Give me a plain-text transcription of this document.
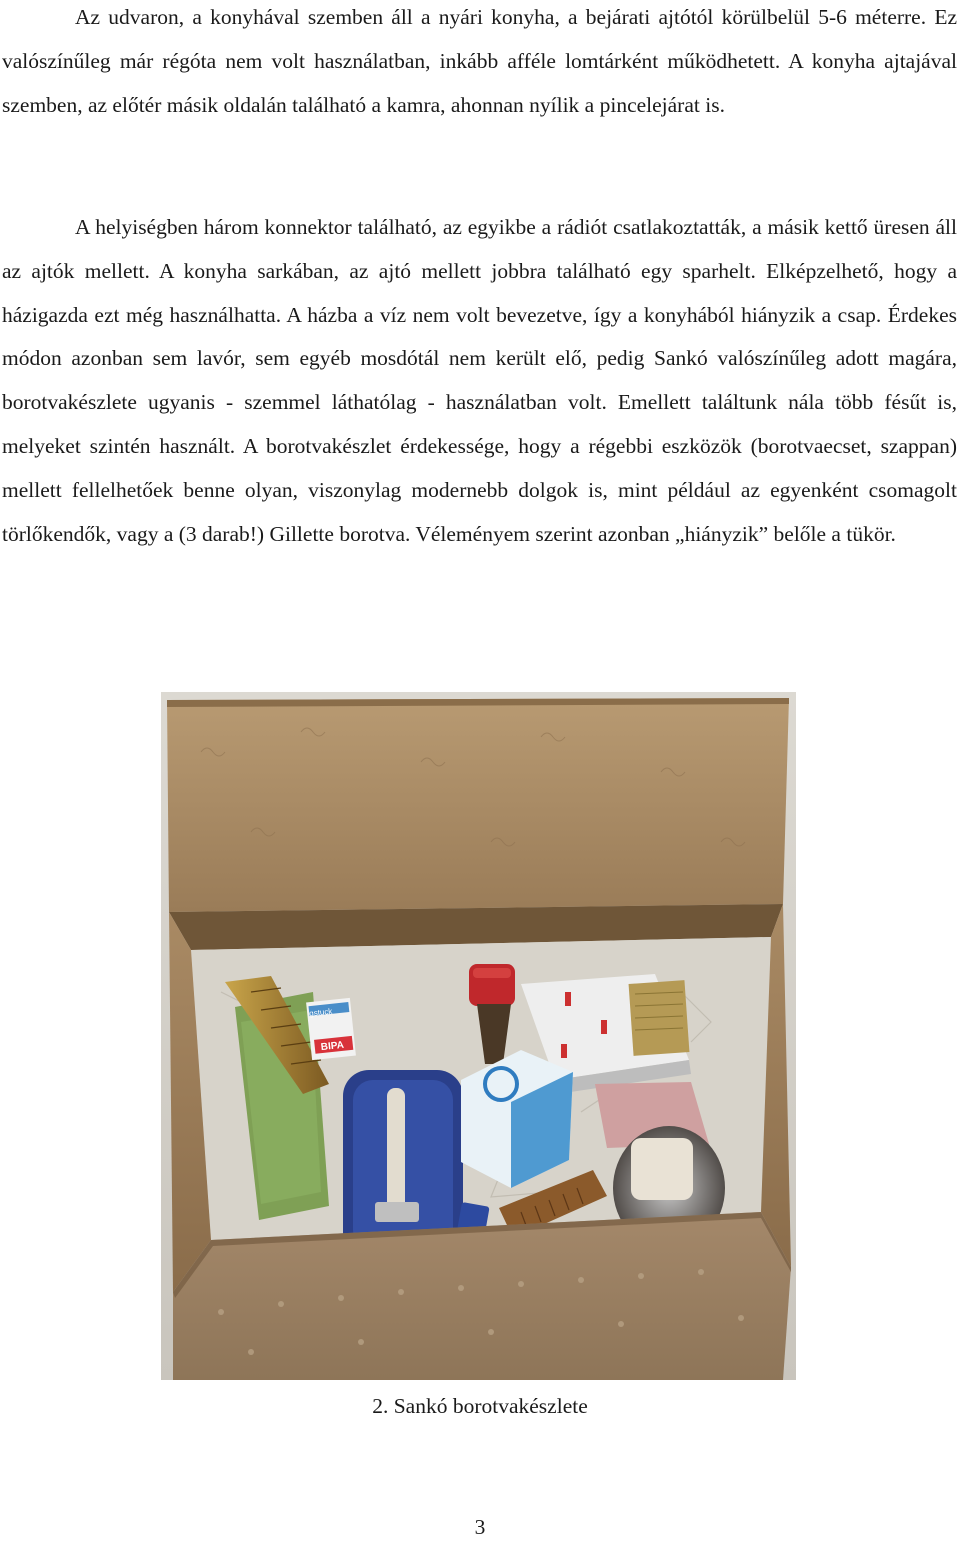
Az udvaron, a konyhával szemben áll a nyári konyha, a bejárati ajtótól körülbelül 5-6 méterre. Ez valószínűleg már régóta nem volt használatban, inkább afféle lomtárként működhetett. A konyha ajtajával szemben, az előtér másik oldalán található a kamra, ahonnan nyílik a pincelejárat is.

A helyiségben három konnektor található, az egyikbe a rádiót csatlakoztatták, a másik kettő üresen áll az ajtók mellett. A konyha sarkában, az ajtó mellett jobbra található egy sparhelt. Elképzelhető, hogy a házigazda ezt még használhatta. A házba a víz nem volt bevezetve, így a konyhából hiányzik a csap. Érdekes módon azonban sem lavór, sem egyéb mosdótál nem került elő, pedig Sankó valószínűleg adott magára, borotvakészlete ugyanis - szemmel láthatólag - használatban volt. Emellett találtunk nála több fésűt is, melyeket szintén használt. A borotvakészlet érdekessége, hogy a régebbi eszközök (borotvaecset, szappan) mellett fellelhetőek benne olyan, viszonylag modernebb dolgok is, mint például az egyenként csomagolt törlőkendők, vagy a (3 darab!) Gillette borotva. Véleményem szerint azonban „hiányzik” belőle a tükör.

gstuck
BIPA

2. Sankó borotvakészlete

3
